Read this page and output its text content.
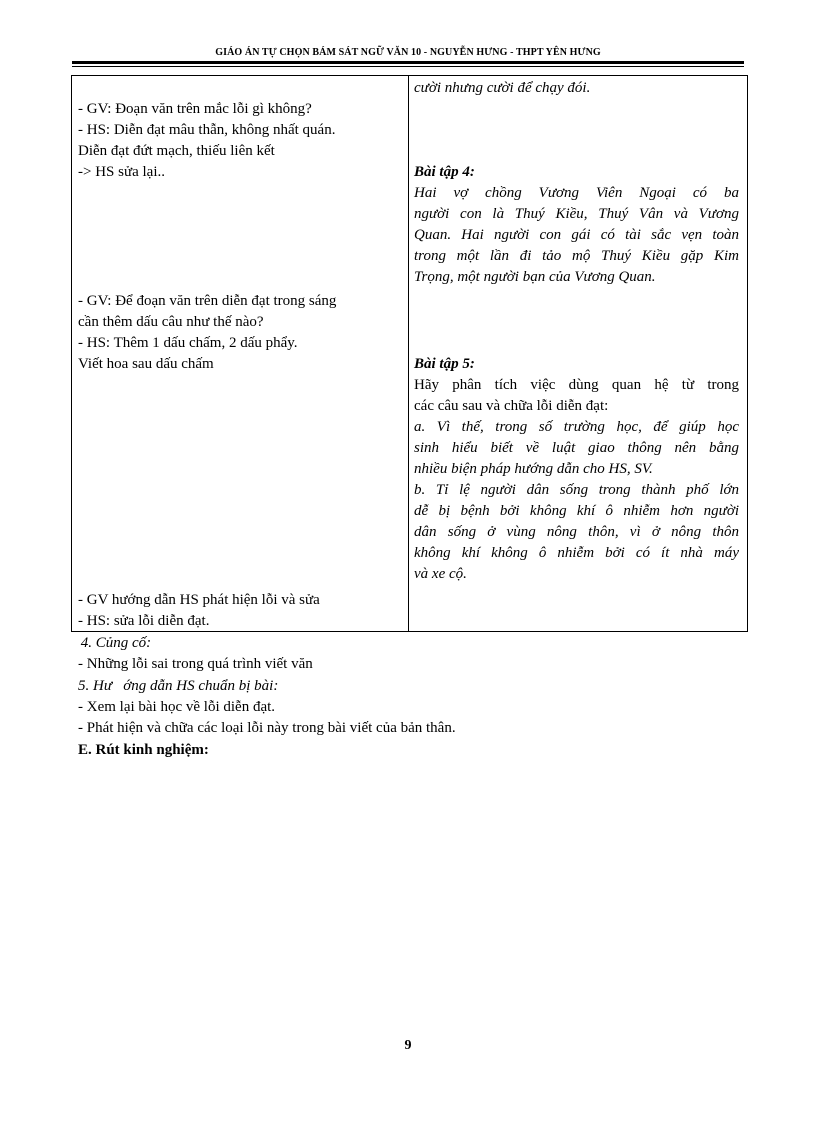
GIÁO ÁN TỰ CHỌN BÁM SÁT NGỮ VĂN 10 - NGUYỄN HƯNG - THPT YÊN HƯNG
- GV: Đoạn văn trên mắc lỗi gì không?
- HS: Diễn đạt mâu thẫn, không nhất quán.
Diễn đạt đứt mạch, thiếu liên kết
-> HS sửa lại..
- GV: Để đoạn văn trên diễn đạt trong sáng
cần thêm dấu câu như thế nào?
- HS: Thêm 1 dấu chấm, 2 dấu phẩy.
Viết hoa sau dấu chấm
- GV hướng dẫn HS phát hiện lỗi và sửa
- HS: sửa lỗi diễn đạt.

cười nhưng cười để chạy đói.
Bài tập 4:
Hai vợ chồng Vương Viên Ngoại có ba
người con là Thuý Kiều, Thuý Vân và Vương
Quan. Hai người con gái có tài sắc vẹn toàn
trong một lần đi tảo mộ Thuý Kiều gặp Kim
Trọng, một người bạn của Vương Quan.
Bài tập 5:
Hãy phân tích việc dùng quan hệ từ trong
các câu sau và chữa lỗi diễn đạt:
a. Vì thế, trong số trường học, để giúp học
sinh hiểu biết về luật giao thông nên bằng
nhiều biện pháp hướng dẫn cho HS, SV.
b. Tỉ lệ người dân sống trong thành phố lớn
dễ bị bệnh bởi không khí ô nhiễm hơn người
dân sống ở vùng nông thôn, vì ở nông thôn
không khí không ô nhiễm bởi có ít nhà máy
và xe cộ.
4. Củng cố:
- Những lỗi sai trong quá trình viết văn
5. Hư   ớng dẫn HS chuẩn bị bài:
- Xem lại bài học về lỗi diễn đạt.
- Phát hiện và chữa các loại lỗi này trong bài viết của bản thân.
E. Rút kinh nghiệm:
9
